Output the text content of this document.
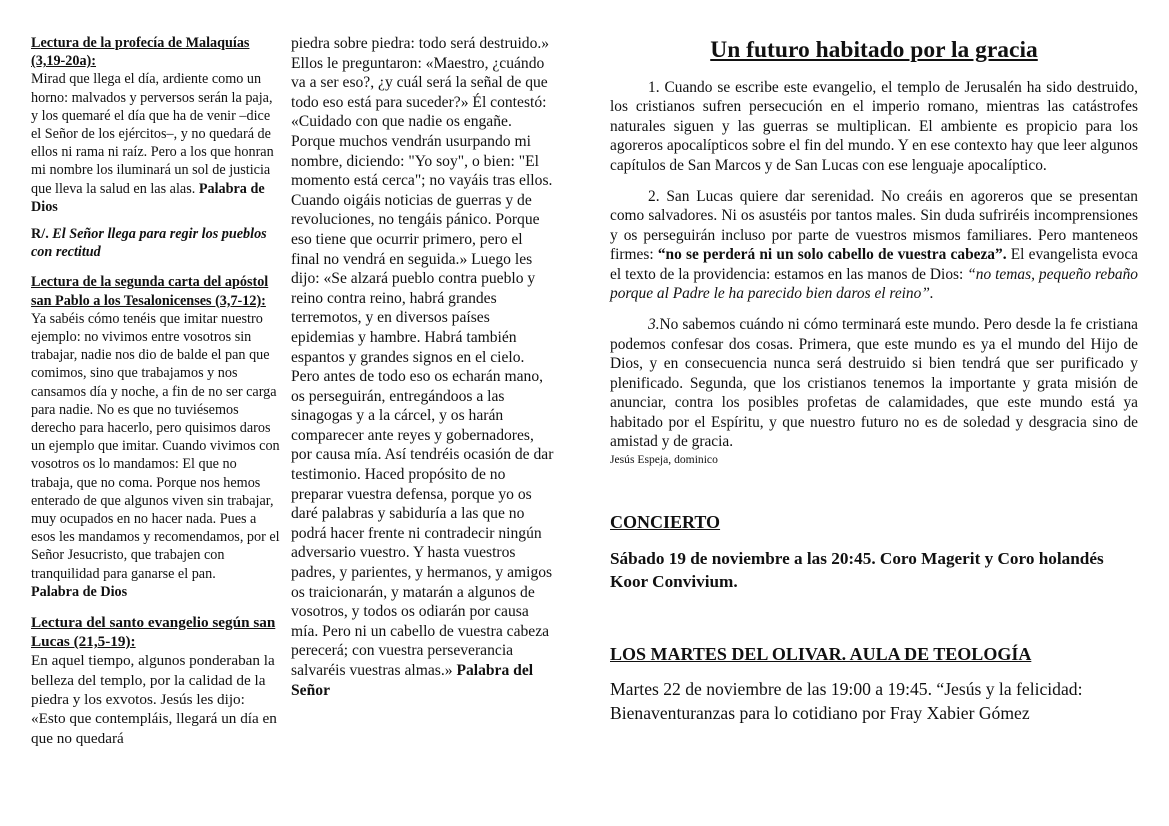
Lectura de la profecía de Malaquías (3,19-20a):

Mirad que llega el día, ardiente como un horno: malvados y perversos serán la paja, y los quemaré el día que ha de venir –dice el Señor de los ejércitos–, y no quedará de ellos ni rama ni raíz. Pero a los que honran mi nombre los iluminará un sol de justicia que lleva la salud en las alas. Palabra de Dios

R/. El Señor llega para regir los pueblos con rectitud

Lectura de la segunda carta del apóstol san Pablo a los Tesalonicenses (3,7-12):

Ya sabéis cómo tenéis que imitar nuestro ejemplo: no vivimos entre vosotros sin trabajar, nadie nos dio de balde el pan que comimos, sino que trabajamos y nos cansamos día y noche, a fin de no ser carga para nadie. No es que no tuviésemos derecho para hacerlo, pero quisimos daros un ejemplo que imitar. Cuando vivimos con vosotros os lo mandamos: El que no trabaja, que no coma. Porque nos hemos enterado de que algunos viven sin trabajar, muy ocupados en no hacer nada. Pues a esos les mandamos y recomendamos, por el Señor Jesucristo, que trabajen con tranquilidad para ganarse el pan.

Palabra de Dios

Lectura del santo evangelio según san Lucas (21,5-19):

En aquel tiempo, algunos ponderaban la belleza del templo, por la calidad de la piedra y los exvotos. Jesús les dijo: «Esto que contempláis, llegará un día en que no quedará

piedra sobre piedra: todo será destruido.» Ellos le preguntaron: «Maestro, ¿cuándo va a ser eso?, ¿y cuál será la señal de que todo eso está para suceder?» Él contestó: «Cuidado con que nadie os engañe. Porque muchos vendrán usurpando mi nombre, diciendo: "Yo soy", o bien: "El momento está cerca"; no vayáis tras ellos. Cuando oigáis noticias de guerras y de revoluciones, no tengáis pánico. Porque eso tiene que ocurrir primero, pero el final no vendrá en seguida.» Luego les dijo: «Se alzará pueblo contra pueblo y reino contra reino, habrá grandes terremotos, y en diversos países epidemias y hambre. Habrá también espantos y grandes signos en el cielo. Pero antes de todo eso os echarán mano, os perseguirán, entregándoos a las sinagogas y a la cárcel, y os harán comparecer ante reyes y gobernadores, por causa mía. Así tendréis ocasión de dar testimonio. Haced propósito de no preparar vuestra defensa, porque yo os daré palabras y sabiduría a las que no podrá hacer frente ni contradecir ningún adversario vuestro. Y hasta vuestros padres, y parientes, y hermanos, y amigos os traicionarán, y matarán a algunos de vosotros, y todos os odiarán por causa mía. Pero ni un cabello de vuestra cabeza perecerá; con vuestra perseverancia salvaréis vuestras almas.» Palabra del Señor

Un futuro habitado por la gracia

1. Cuando se escribe este evangelio, el templo de Jerusalén ha sido destruido, los cristianos sufren persecución en el imperio romano, mientras las catástrofes naturales siguen y las guerras se multiplican. El ambiente es propicio para los agoreros apocalípticos sobre el fin del mundo. Y en ese contexto hay que leer algunos capítulos de San Marcos y de San Lucas con ese lenguaje apocalíptico.

2. San Lucas quiere dar serenidad. No creáis en agoreros que se presentan como salvadores. Ni os asustéis por tantos males. Sin duda sufriréis incomprensiones y os perseguirán incluso por parte de vuestros mismos familiares. Pero manteneos firmes: “no se perderá ni un solo cabello de vuestra cabeza”. El evangelista evoca el texto de la providencia: estamos en las manos de Dios: “no temas, pequeño rebaño porque al Padre le ha parecido bien daros el reino”.

3.No sabemos cuándo ni cómo terminará este mundo. Pero desde la fe cristiana podemos confesar dos cosas. Primera, que este mundo es ya el mundo del Hijo de Dios, y en consecuencia nunca será destruido si bien tendrá que ser purificado y plenificado. Segunda, que los cristianos tenemos la importante y grata misión de anunciar, contra los posibles profetas de calamidades, que este mundo está ya habitado por el Espíritu, y que nuestro futuro no es de soledad y desgracia sino de amistad y de gracia.

Jesús Espeja, dominico

CONCIERTO

Sábado 19 de noviembre a las 20:45. Coro Magerit y Coro holandés Koor Convivium.

LOS MARTES DEL OLIVAR. AULA DE TEOLOGÍA

Martes 22 de noviembre de las 19:00 a 19:45. “Jesús y la felicidad: Bienaventuranzas para lo cotidiano por Fray Xabier Gómez
